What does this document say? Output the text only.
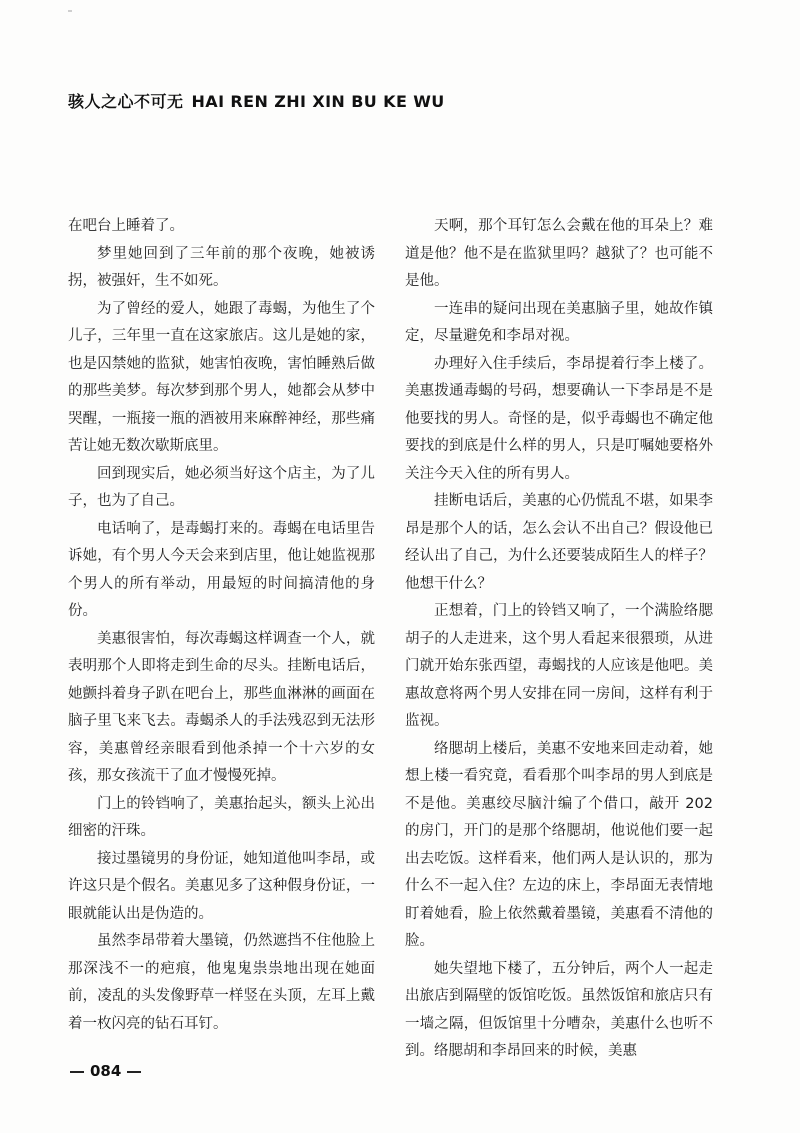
骇人之心不可无 HAI REN ZHI XIN BU KE WU

在吧台上睡着了。

梦里她回到了三年前的那个夜晚，她被诱拐，被强奸，生不如死。

为了曾经的爱人，她跟了毒蝎，为他生了个儿子，三年里一直在这家旅店。这儿是她的家，也是囚禁她的监狱，她害怕夜晚，害怕睡熟后做的那些美梦。每次梦到那个男人，她都会从梦中哭醒，一瓶接一瓶的酒被用来麻醉神经，那些痛苦让她无数次歇斯底里。

回到现实后，她必须当好这个店主，为了儿子，也为了自己。

电话响了，是毒蝎打来的。毒蝎在电话里告诉她，有个男人今天会来到店里，他让她监视那个男人的所有举动，用最短的时间搞清他的身份。

美惠很害怕，每次毒蝎这样调查一个人，就表明那个人即将走到生命的尽头。挂断电话后，她颤抖着身子趴在吧台上，那些血淋淋的画面在脑子里飞来飞去。毒蝎杀人的手法残忍到无法形容，美惠曾经亲眼看到他杀掉一个十六岁的女孩，那女孩流干了血才慢慢死掉。

门上的铃铛响了，美惠抬起头，额头上沁出细密的汗珠。

接过墨镜男的身份证，她知道他叫李昂，或许这只是个假名。美惠见多了这种假身份证，一眼就能认出是伪造的。

虽然李昂带着大墨镜，仍然遮挡不住他脸上那深浅不一的疤痕，他鬼鬼祟祟地出现在她面前，凌乱的头发像野草一样竖在头顶，左耳上戴着一枚闪亮的钻石耳钉。

天啊，那个耳钉怎么会戴在他的耳朵上？难道是他？他不是在监狱里吗？越狱了？也可能不是他。

一连串的疑问出现在美惠脑子里，她故作镇定，尽量避免和李昂对视。

办理好入住手续后，李昂提着行李上楼了。美惠拨通毒蝎的号码，想要确认一下李昂是不是他要找的男人。奇怪的是，似乎毒蝎也不确定他要找的到底是什么样的男人，只是叮嘱她要格外关注今天入住的所有男人。

挂断电话后，美惠的心仍慌乱不堪，如果李昂是那个人的话，怎么会认不出自己？假设他已经认出了自己，为什么还要装成陌生人的样子？他想干什么？

正想着，门上的铃铛又响了，一个满脸络腮胡子的人走进来，这个男人看起来很猥琐，从进门就开始东张西望，毒蝎找的人应该是他吧。美惠故意将两个男人安排在同一房间，这样有利于监视。

络腮胡上楼后，美惠不安地来回走动着，她想上楼一看究竟，看看那个叫李昂的男人到底是不是他。美惠绞尽脑汁编了个借口，敲开 202 的房门，开门的是那个络腮胡，他说他们要一起出去吃饭。这样看来，他们两人是认识的，那为什么不一起入住？左边的床上，李昂面无表情地盯着她看，脸上依然戴着墨镜，美惠看不清他的脸。

她失望地下楼了，五分钟后，两个人一起走出旅店到隔壁的饭馆吃饭。虽然饭馆和旅店只有一墙之隔，但饭馆里十分嘈杂，美惠什么也听不到。络腮胡和李昂回来的时候，美惠

084
